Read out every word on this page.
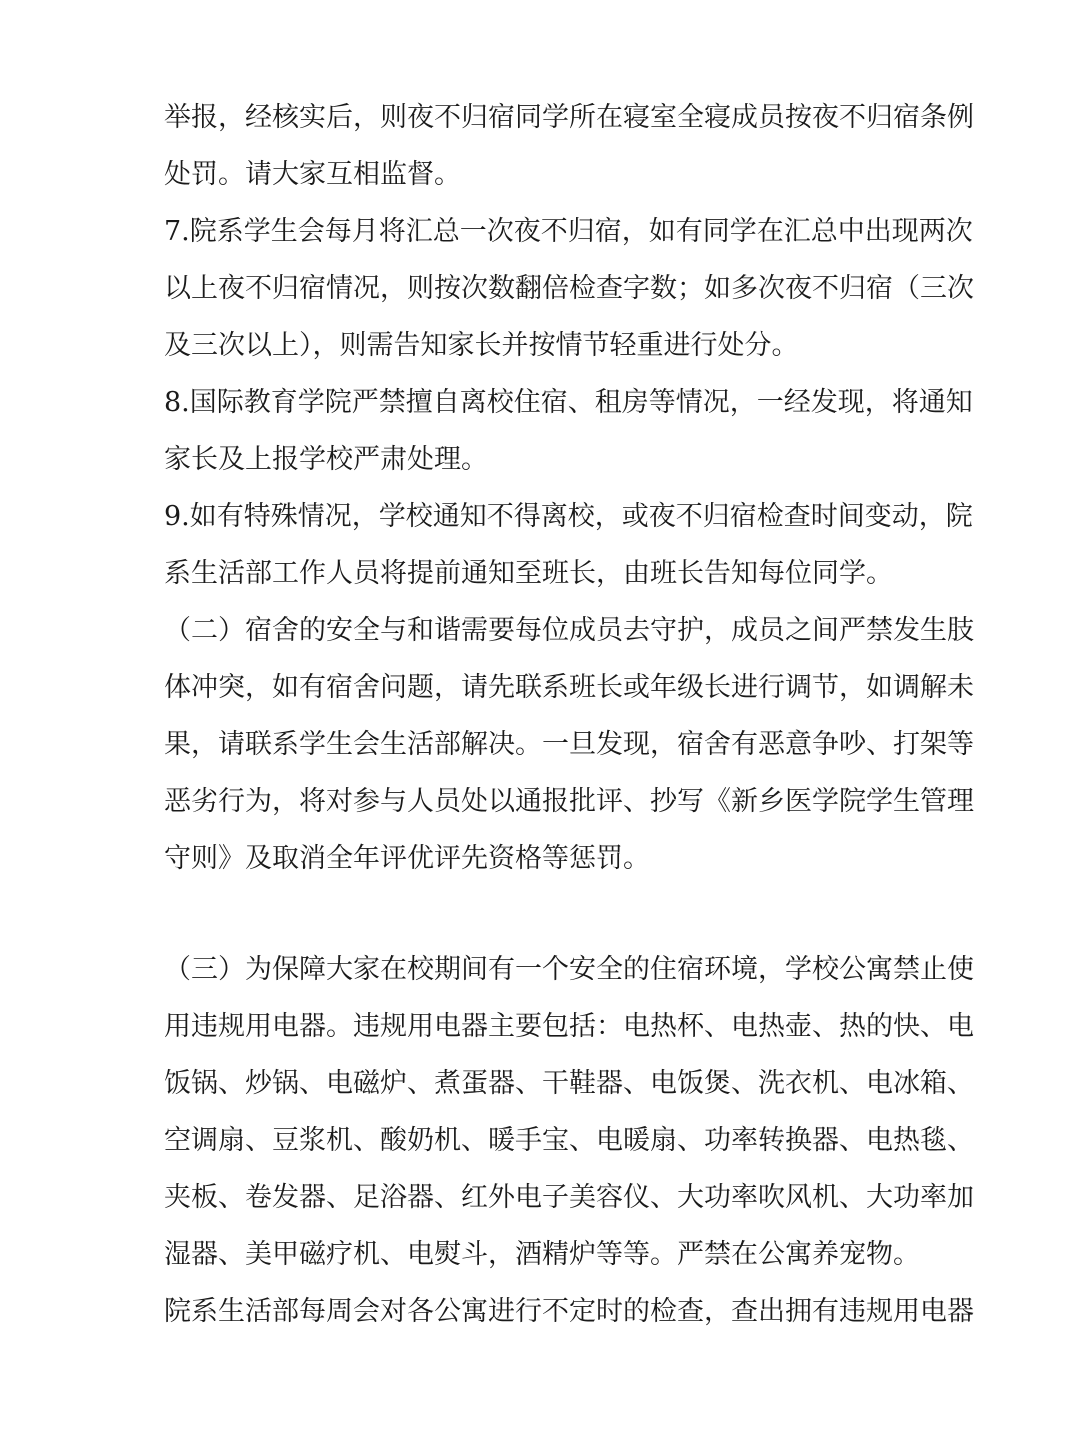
举报，经核实后，则夜不归宿同学所在寝室全寝成员按夜不归宿条例
处罚。请大家互相监督。
7.院系学生会每月将汇总一次夜不归宿，如有同学在汇总中出现两次
以上夜不归宿情况，则按次数翻倍检查字数；如多次夜不归宿（三次
及三次以上），则需告知家长并按情节轻重进行处分。
8.国际教育学院严禁擅自离校住宿、租房等情况，一经发现，将通知
家长及上报学校严肃处理。
9.如有特殊情况，学校通知不得离校，或夜不归宿检查时间变动，院
系生活部工作人员将提前通知至班长，由班长告知每位同学。
（二）宿舍的安全与和谐需要每位成员去守护，成员之间严禁发生肢
体冲突，如有宿舍问题，请先联系班长或年级长进行调节，如调解未
果，请联系学生会生活部解决。一旦发现，宿舍有恶意争吵、打架等
恶劣行为，将对参与人员处以通报批评、抄写《新乡医学院学生管理
守则》及取消全年评优评先资格等惩罚。
（三）为保障大家在校期间有一个安全的住宿环境，学校公寓禁止使
用违规用电器。违规用电器主要包括：电热杯、电热壶、热的快、电
饭锅、炒锅、电磁炉、煮蛋器、干鞋器、电饭煲、洗衣机、电冰箱、
空调扇、豆浆机、酸奶机、暖手宝、电暖扇、功率转换器、电热毯、
夹板、卷发器、足浴器、红外电子美容仪、大功率吹风机、大功率加
湿器、美甲磁疗机、电熨斗，酒精炉等等。严禁在公寓养宠物。
院系生活部每周会对各公寓进行不定时的检查，查出拥有违规用电器
